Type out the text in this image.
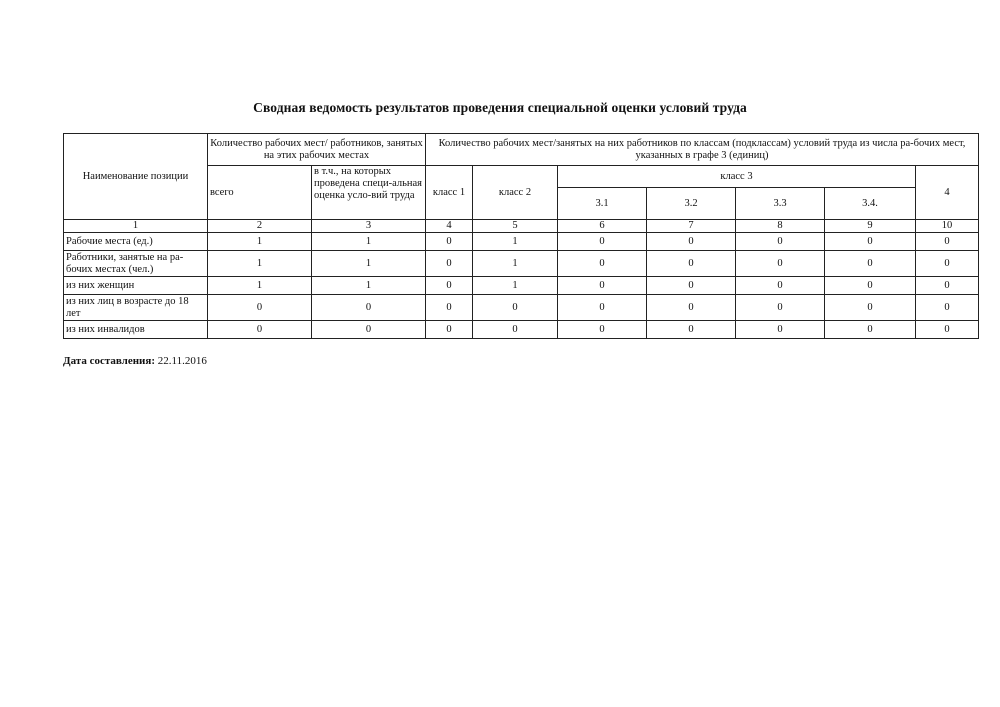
Сводная ведомость результатов проведения специальной оценки условий труда
Наименование позиции	Количество рабочих мест/ работников, занятых на этих рабочих местах		Количество рабочих мест/занятых на них работников по классам (подклассам) условий труда из числа ра-бочих мест, указанных в графе 3 (единиц)						
	всего	в т.ч., на которых проведена специ-альная оценка усло-вий труда	класс 1	класс 2	класс 3				4
					3.1	3.2	3.3	3.4.	
1	2	3	4	5	6	7	8	9	10
Рабочие места (ед.)	1	1	0	1	0	0	0	0	0
Работники, занятые на ра-бочих местах (чел.)	1	1	0	1	0	0	0	0	0
из них женщин	1	1	0	1	0	0	0	0	0
из них лиц в возрасте до 18 лет	0	0	0	0	0	0	0	0	0
из них инвалидов	0	0	0	0	0	0	0	0	0
Дата составления: 22.11.2016
